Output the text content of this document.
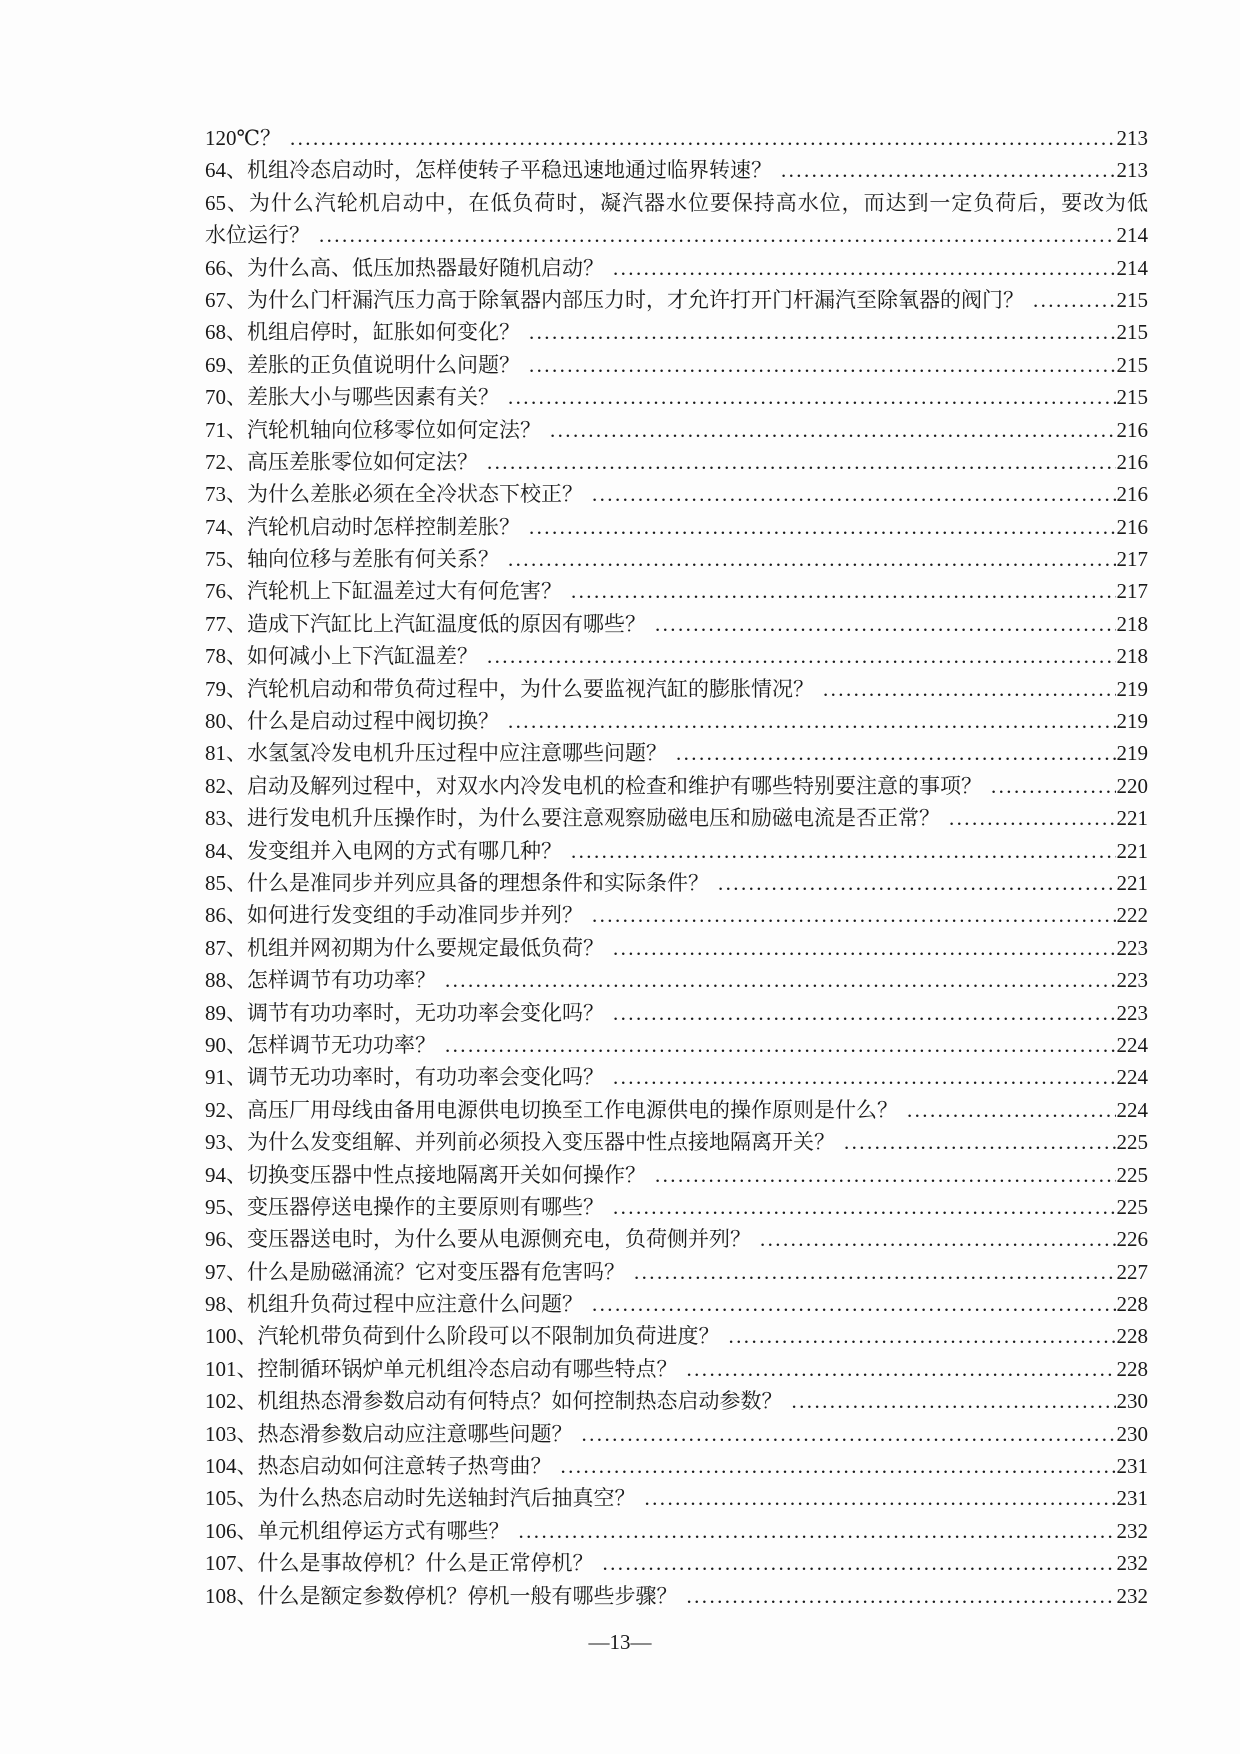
120℃？ .....	213
64、机组冷态启动时，怎样使转子平稳迅速地通过临界转速？ .....	213
65、为什么汽轮机启动中，在低负荷时，凝汽器水位要保持高水位，而达到一定负荷后，要改为低
水位运行？ .....	214
66、为什么高、低压加热器最好随机启动？ .....	214
67、为什么门杆漏汽压力高于除氧器内部压力时，才允许打开门杆漏汽至除氧器的阀门？ .....	215
68、机组启停时，缸胀如何变化？ .....	215
69、差胀的正负值说明什么问题？ .....	215
70、差胀大小与哪些因素有关？ .....	215
71、汽轮机轴向位移零位如何定法？ .....	216
72、高压差胀零位如何定法？ .....	216
73、为什么差胀必须在全冷状态下校正？ .....	216
74、汽轮机启动时怎样控制差胀？ .....	216
75、轴向位移与差胀有何关系？ .....	217
76、汽轮机上下缸温差过大有何危害？ .....	217
77、造成下汽缸比上汽缸温度低的原因有哪些？ .....	218
78、如何减小上下汽缸温差？ .....	218
79、汽轮机启动和带负荷过程中，为什么要监视汽缸的膨胀情况？ .....	219
80、什么是启动过程中阀切换？ .....	219
81、水氢氢冷发电机升压过程中应注意哪些问题？ .....	219
82、启动及解列过程中，对双水内冷发电机的检查和维护有哪些特别要注意的事项？ .....	220
83、进行发电机升压操作时，为什么要注意观察励磁电压和励磁电流是否正常？ .....	221
84、发变组并入电网的方式有哪几种？ .....	221
85、什么是准同步并列应具备的理想条件和实际条件？ .....	221
86、如何进行发变组的手动准同步并列？ .....	222
87、机组并网初期为什么要规定最低负荷？ .....	223
88、怎样调节有功功率？ .....	223
89、调节有功功率时，无功功率会变化吗？ .....	223
90、怎样调节无功功率？ .....	224
91、调节无功功率时，有功功率会变化吗？ .....	224
92、高压厂用母线由备用电源供电切换至工作电源供电的操作原则是什么？ .....	224
93、为什么发变组解、并列前必须投入变压器中性点接地隔离开关？ .....	225
94、切换变压器中性点接地隔离开关如何操作？ .....	225
95、变压器停送电操作的主要原则有哪些？ .....	225
96、变压器送电时，为什么要从电源侧充电，负荷侧并列？ .....	226
97、什么是励磁涌流？它对变压器有危害吗？ .....	227
98、机组升负荷过程中应注意什么问题？ .....	228
100、汽轮机带负荷到什么阶段可以不限制加负荷进度？ .....	228
101、控制循环锅炉单元机组冷态启动有哪些特点？ .....	228
102、机组热态滑参数启动有何特点？如何控制热态启动参数？ .....	230
103、热态滑参数启动应注意哪些问题？ .....	230
104、热态启动如何注意转子热弯曲？ .....	231
105、为什么热态启动时先送轴封汽后抽真空？ .....	231
106、单元机组停运方式有哪些？ .....	232
107、什么是事故停机？什么是正常停机？ .....	232
108、什么是额定参数停机？停机一般有哪些步骤？ .....	232
—13—
